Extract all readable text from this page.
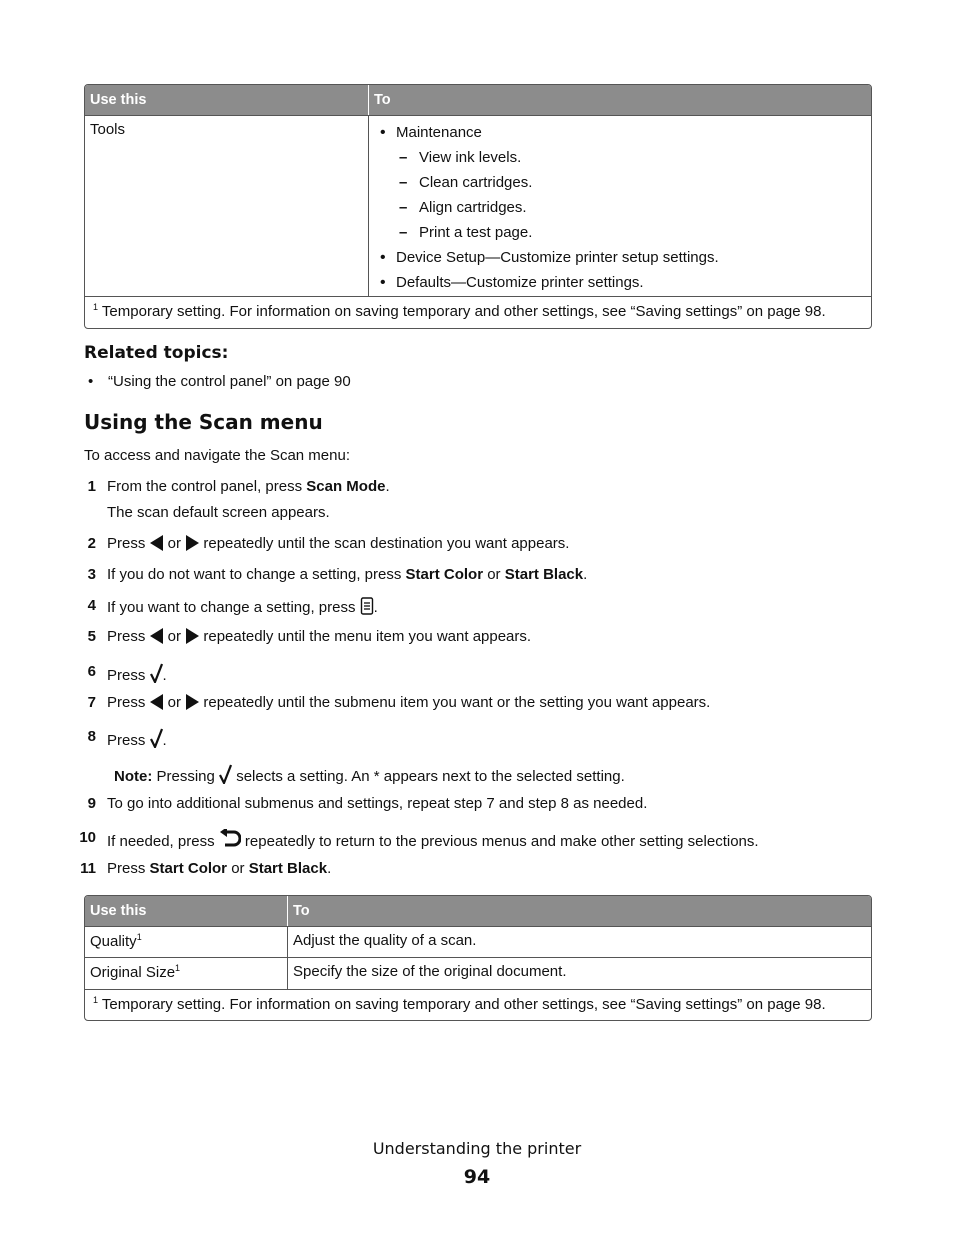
Use this	To
Tools
•	Maintenance
– View ink levels.
– Clean cartridges.
– Align cartridges.
– Print a test page.
• Device Setup—Customize printer setup settings.
• Defaults—Customize printer settings.
$^1$ Temporary setting. For information on saving temporary and other settings, see “Saving settings” on page 98.
Related topics:
• “Using the control panel” on page 90
Using the Scan menu
To access and navigate the Scan menu:
1 From the control panel, press Scan Mode.
The scan default screen appears.
2 Press  or  repeatedly until the scan destination you want appears.
3 If you do not want to change a setting, press Start Color or Start Black.
4 If you want to change a setting, press .
5 Press  or  repeatedly until the menu item you want appears.
6 Press .
7 Press  or  repeatedly until the submenu item you want or the setting you want appears.
8 Press .
Note: Pressing  selects a setting. An * appears next to the selected setting.
9 To go into additional submenus and settings, repeat step 7 and step 8 as needed.
10 If needed, press  repeatedly to return to the previous menus and make other setting selections.
11 Press Start Color or Start Black.
Use this	To
Quality$^1$	Adjust the quality of a scan.
Original Size$^1$	Specify the size of the original document.
$^1$ Temporary setting. For information on saving temporary and other settings, see “Saving settings” on page 98.
Understanding the printer
94
